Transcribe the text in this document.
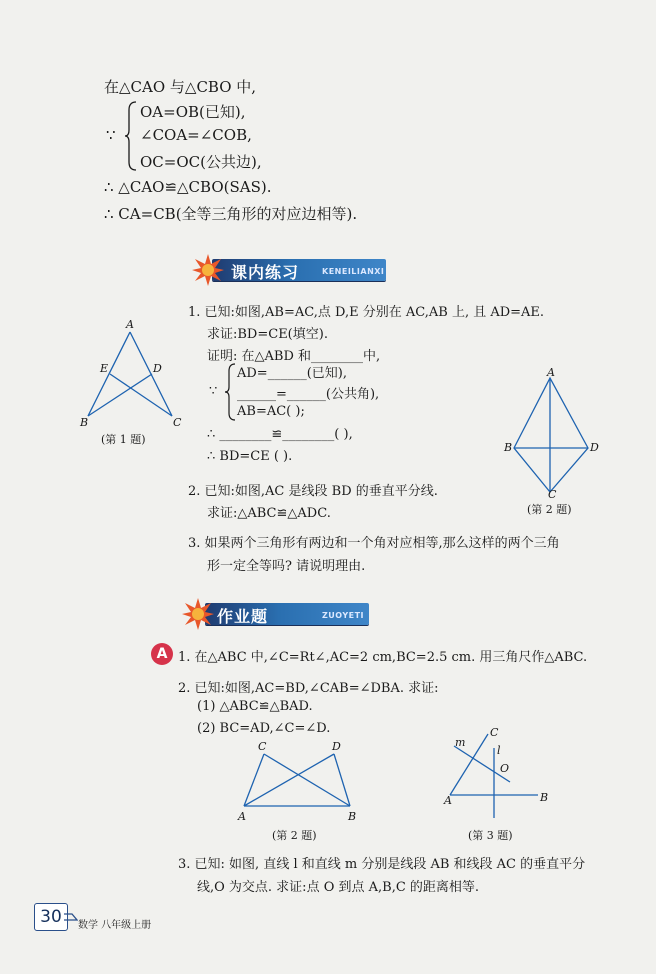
在△CAO 与△CBO 中,
∵
OA=OB(已知),
∠COA=∠COB,
OC=OC(公共边),
∴ △CAO≌△CBO(SAS).
∴ CA=CB(全等三角形的对应边相等).
课内练习	KENEILIANXI
1. 已知:如图,AB=AC,点 D,E 分别在 AC,AB 上, 且 AD=AE.
求证:BD=CE(填空).
证明: 在△ABD 和________中,
∵
AD=______(已知),
______=______(公共角),
AB=AC( );
∴ ________≌________( ),
∴ BD=CE ( ).
A
E	D
B	C
(第 1 题)
A
B	D
C
(第 2 题)
2. 已知:如图,AC 是线段 BD 的垂直平分线.
求证:△ABC≌△ADC.
3. 如果两个三角形有两边和一个角对应相等,那么这样的两个三角
形一定全等吗? 请说明理由.
作业题	ZUOYETI
A 1. 在△ABC 中,∠C=Rt∠,AC=2 cm,BC=2.5 cm. 用三角尺作△ABC.
2. 已知:如图,AC=BD,∠CAB=∠DBA. 求证:
(1) △ABC≌△BAD.
(2) BC=AD,∠C=∠D.
C	D
A	B
(第 2 题)
m
C
l
O
A	B
(第 3 题)
3. 已知: 如图, 直线 l 和直线 m 分别是线段 AB 和线段 AC 的垂直平分
线,O 为交点. 求证:点 O 到点 A,B,C 的距离相等.
30	数学 八年级上册
